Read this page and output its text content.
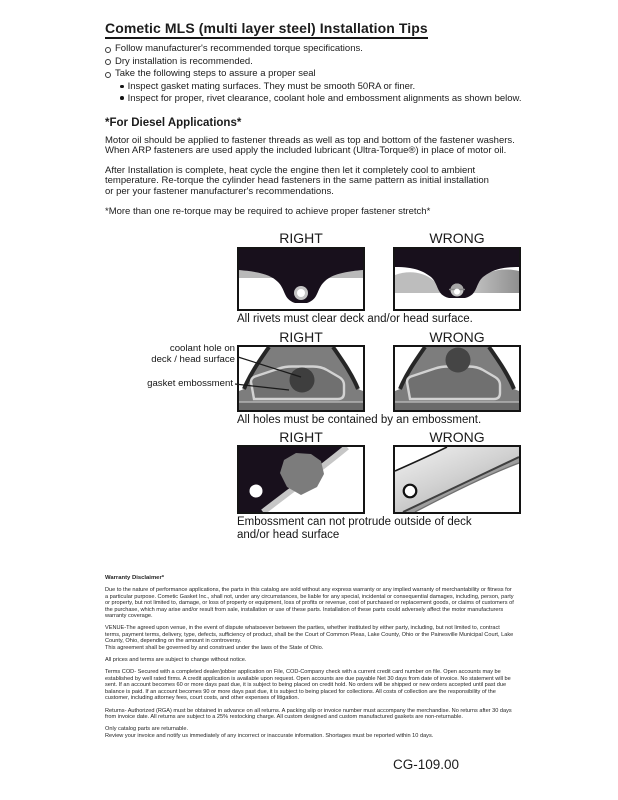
Cometic MLS (multi layer steel) Installation Tips
Follow manufacturer's recommended torque specifications.
Dry installation is recommended.
Take the following steps to assure a proper seal
Inspect gasket mating surfaces. They must be smooth 50RA or finer.
Inspect for proper, rivet clearance, coolant hole and embossment alignments as shown below.
*For Diesel Applications*

Motor oil should be applied to fastener threads as well as top and bottom of the fastener washers.
When ARP fasteners are used apply the included lubricant (Ultra-Torque®) in place of motor oil.

After Installation is complete, heat cycle the engine then let it completely cool to ambient
temperature. Re-torque the cylinder head fasteners in the same pattern as initial installation
or per your fastener manufacturer's recommendations.

*More than one re-torque may be required to achieve proper fastener stretch*

RIGHT	WRONG
All rivets must clear deck and/or head surface.
RIGHT	WRONG
coolant hole on
deck / head surface
gasket embossment
All holes must be contained by an embossment.
RIGHT	WRONG
Embossment can not protrude outside of deck
and/or head surface
Warranty Disclaimer*

Due to the nature of performance applications, the parts in this catalog are sold without any express warranty or any implied warranty of merchantability or fitness for a particular purpose. Cometic Gasket Inc., shall not, under any circumstances, be liable for any special, incidental or consequential damages, including, person, party or property, but not limited to, damage, or loss of property or equipment, loss of profits or revenue, cost of purchased or replacement goods, or claims of customers of the purchase, which may arise and/or result from sale, installation or use of these parts. Installation of these parts could adversely affect the motor manufacturers warranty coverage.

VENUE-The agreed upon venue, in the event of dispute whatsoever between the parties, whether instituted by either party, including, but not limited to, contract terms, payment terms, delivery, type, defects, sufficiency of product, shall be the Court of Common Pleas, Lake County, Ohio or the Painesville Municipal Court, Lake County, Ohio, depending on the amount in controversy.
This agreement shall be governed by and construed under the laws of the State of Ohio.

All prices and terms are subject to change without notice.

Terms COD- Secured with a completed dealer/jobber application on File, COD-Company check with a current credit card number on file. Open accounts may be established by well rated firms. A credit application is available upon request. Open accounts are due payable Net 30 days from date of invoice. No statement will be sent. If an account becomes 60 or more days past due, it is subject to being placed on credit hold. No orders will be shipped or new orders accepted until past due balance is paid. If an account becomes 90 or more days past due, it is subject to being placed for collections. All costs of collection are the responsibility of the customer, including attorney fees, court costs, and other expenses of litigation.

Returns- Authorized (RGA) must be obtained in advance on all returns. A packing slip or invoice number must accompany the merchandise. No returns after 30 days from invoice date. All returns are subject to a 25% restocking charge. All custom designed and custom manufactured gaskets are non-returnable.

Only catalog parts are returnable.
Review your invoice and notify us immediately of any incorrect or inaccurate information. Shortages must be reported within 10 days.

CG-109.00
